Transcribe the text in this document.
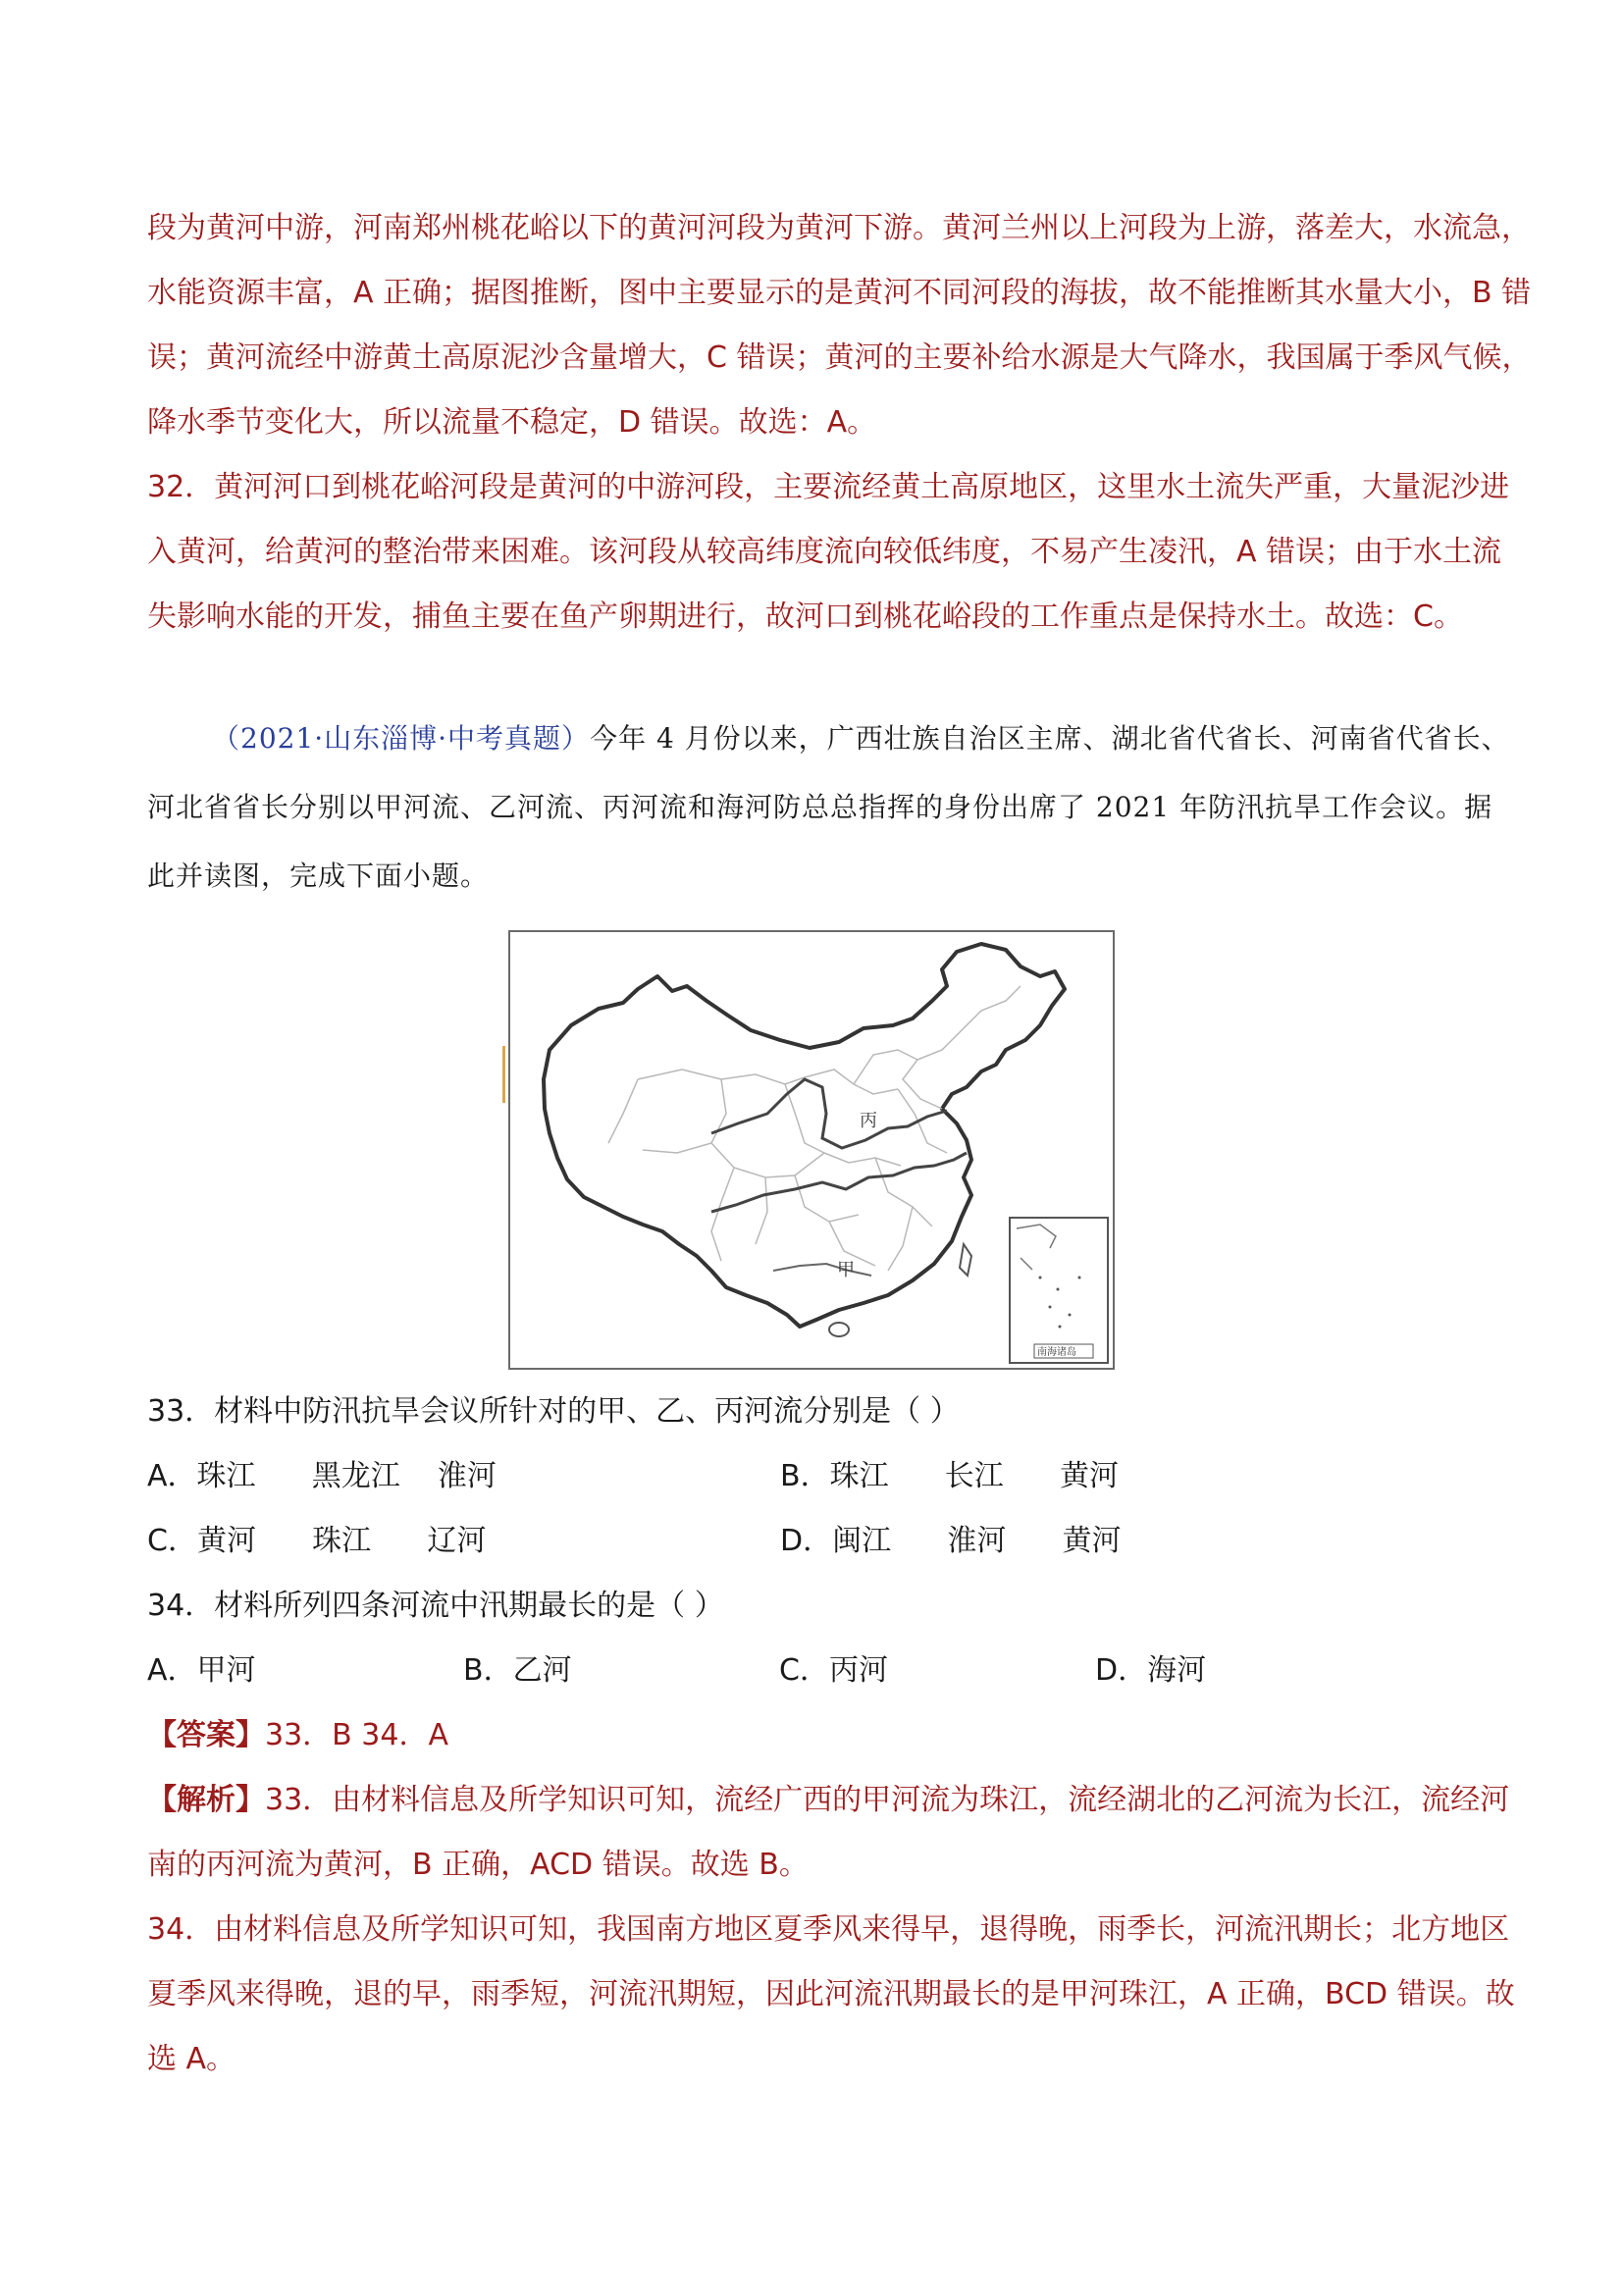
段为黄河中游，河南郑州桃花峪以下的黄河河段为黄河下游。黄河兰州以上河段为上游，落差大，水流急，
水能资源丰富，A 正确；据图推断，图中主要显示的是黄河不同河段的海拔，故不能推断其水量大小，B 错
误；黄河流经中游黄土高原泥沙含量增大，C 错误；黄河的主要补给水源是大气降水，我国属于季风气候，
降水季节变化大，所以流量不稳定，D 错误。故选：A。
32．黄河河口到桃花峪河段是黄河的中游河段，主要流经黄土高原地区，这里水土流失严重，大量泥沙进
入黄河，给黄河的整治带来困难。该河段从较高纬度流向较低纬度，不易产生凌汛，A 错误；由于水土流
失影响水能的开发，捕鱼主要在鱼产卵期进行，故河口到桃花峪段的工作重点是保持水土。故选：C。
（2021·山东淄博·中考真题）今年 4 月份以来，广西壮族自治区主席、湖北省代省长、河南省代省长、
河北省省长分别以甲河流、乙河流、丙河流和海河防总总指挥的身份出席了 2021 年防汛抗旱工作会议。据
此并读图，完成下面小题。
丙
甲
南海诸岛
33．材料中防汛抗旱会议所针对的甲、乙、丙河流分别是（ ）
A．珠江      黑龙江    淮河	B．珠江      长江      黄河
C．黄河      珠江      辽河	D．闽江      淮河      黄河
34．材料所列四条河流中汛期最长的是（ ）
A．甲河	B．乙河	C．丙河	D．海河
【答案】33．B 34．A
【解析】33．由材料信息及所学知识可知，流经广西的甲河流为珠江，流经湖北的乙河流为长江，流经河
南的丙河流为黄河，B 正确，ACD 错误。故选 B。
34．由材料信息及所学知识可知，我国南方地区夏季风来得早，退得晚，雨季长，河流汛期长；北方地区
夏季风来得晚，退的早，雨季短，河流汛期短，因此河流汛期最长的是甲河珠江，A 正确，BCD 错误。故
选 A。
